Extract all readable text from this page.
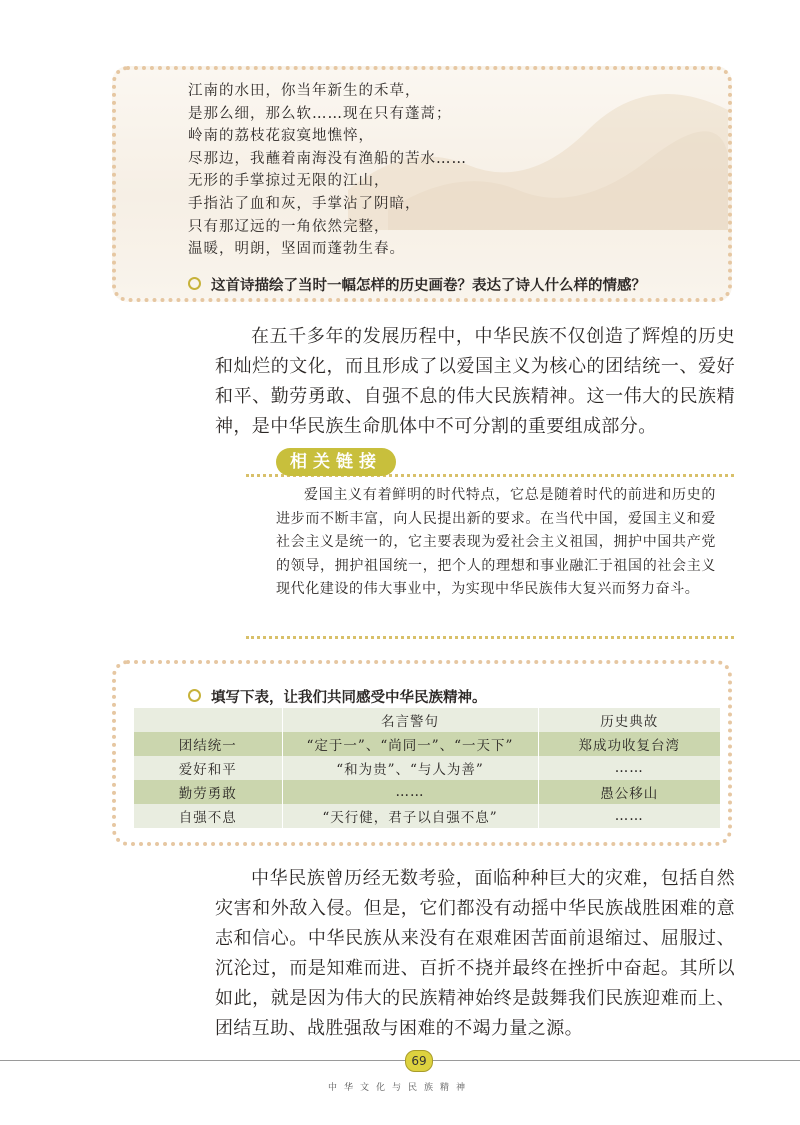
江南的水田，你当年新生的禾草，
是那么细，那么软……现在只有蓬蒿；
岭南的荔枝花寂寞地憔悴，
尽那边，我蘸着南海没有渔船的苦水……
无形的手掌掠过无限的江山，
手指沾了血和灰，手掌沾了阴暗，
只有那辽远的一角依然完整，
温暖，明朗，坚固而蓬勃生春。
这首诗描绘了当时一幅怎样的历史画卷？表达了诗人什么样的情感？

在五千多年的发展历程中，中华民族不仅创造了辉煌的历史和灿烂的文化，而且形成了以爱国主义为核心的团结统一、爱好和平、勤劳勇敢、自强不息的伟大民族精神。这一伟大的民族精神，是中华民族生命肌体中不可分割的重要组成部分。

相关链接

爱国主义有着鲜明的时代特点，它总是随着时代的前进和历史的进步而不断丰富，向人民提出新的要求。在当代中国，爱国主义和爱社会主义是统一的，它主要表现为爱社会主义祖国，拥护中国共产党的领导，拥护祖国统一，把个人的理想和事业融汇于祖国的社会主义现代化建设的伟大事业中，为实现中华民族伟大复兴而努力奋斗。

填写下表，让我们共同感受中华民族精神。
	名言警句	历史典故
团结统一	“定于一”、“尚同一”、“一天下”	郑成功收复台湾
爱好和平	“和为贵”、“与人为善”	……
勤劳勇敢	……	愚公移山
自强不息	“天行健，君子以自强不息”	……

中华民族曾历经无数考验，面临种种巨大的灾难，包括自然灾害和外敌入侵。但是，它们都没有动摇中华民族战胜困难的意志和信心。中华民族从来没有在艰难困苦面前退缩过、屈服过、沉沦过，而是知难而进、百折不挠并最终在挫折中奋起。其所以如此，就是因为伟大的民族精神始终是鼓舞我们民族迎难而上、团结互助、战胜强敌与困难的不竭力量之源。

69
中华文化与民族精神
